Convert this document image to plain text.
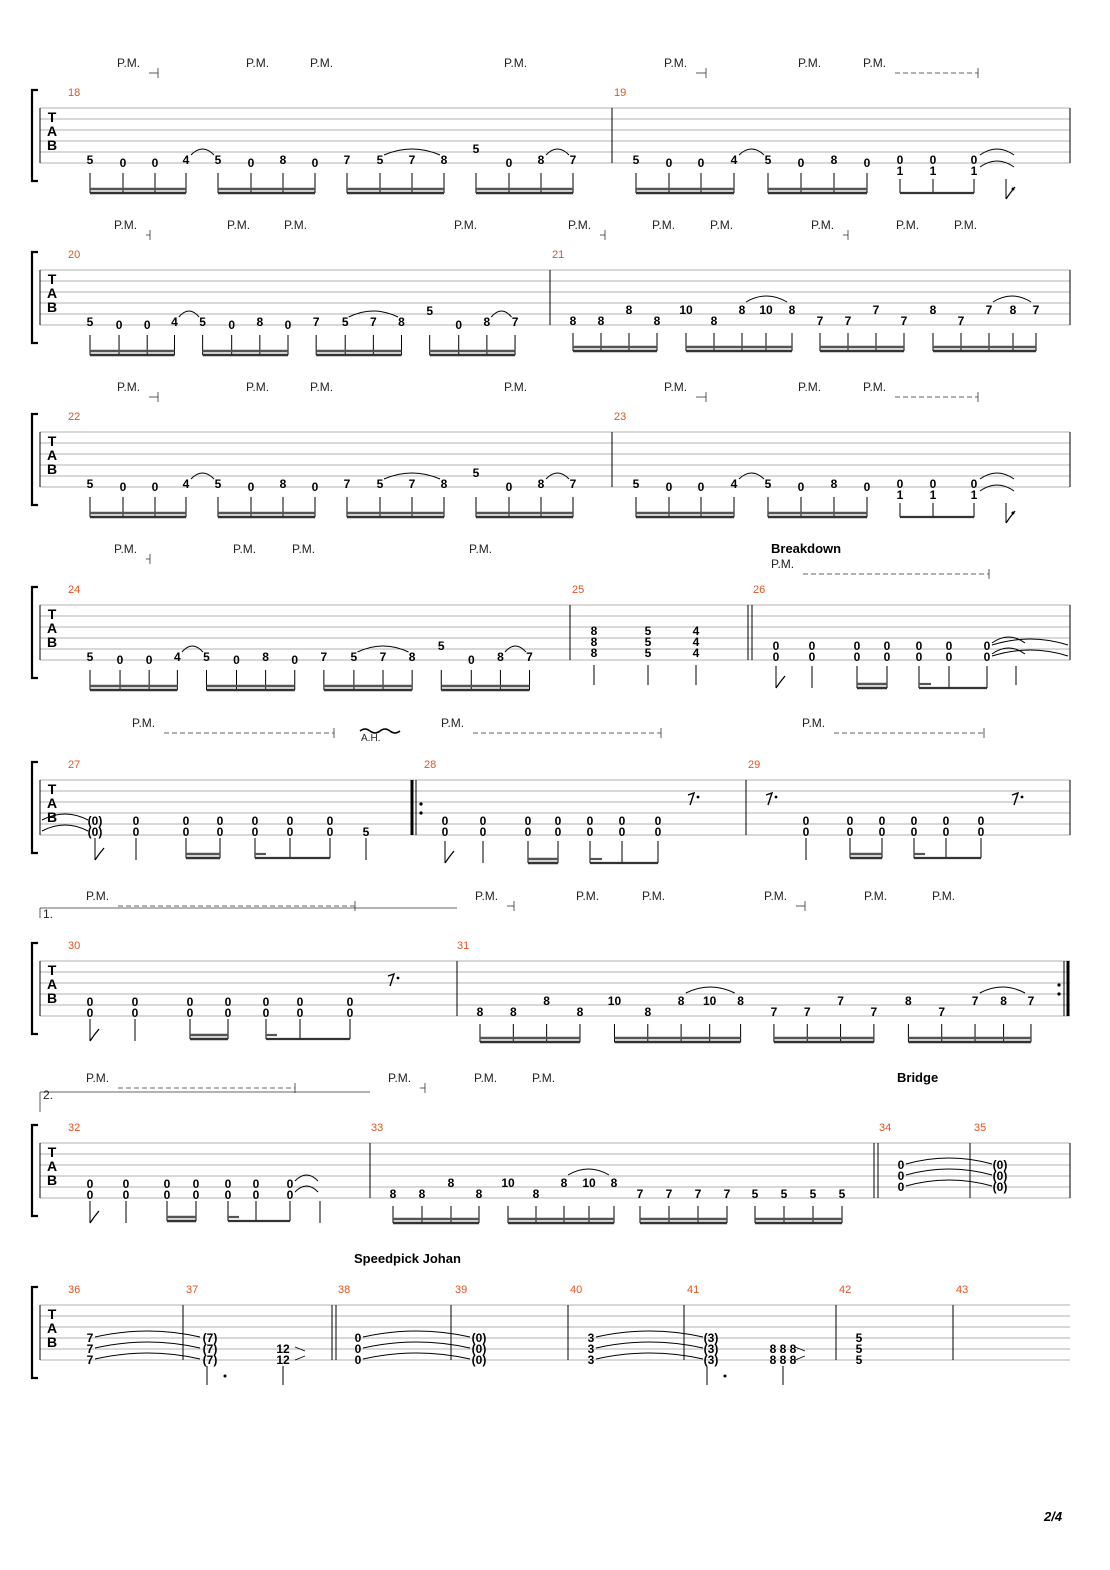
T
A
B
18	19
P.M.	P.M.	P.M.	P.M.	P.M.	P.M.	P.M.
5 0 0 4 5 0 8 0 7 5 7 8
5
0 8 7	5 0 0 4 5 0 8 0 0
1
0
1
0
1
T
A
B
20	21
P.M.	P.M.	P.M.	P.M.	P.M.	P.M.	P.M.	P.M.	P.M.	P.M.
5 0 0 4 5 0 8 0 7 5 7 8
5
0 8 7	8 8
8
8
10
8
8 10 8
7 7
7
7
8
7
7 8 7
T
A
B
22	23
P.M.	P.M.	P.M.	P.M.	P.M.	P.M.	P.M.
5 0 0 4 5 0 8 0 7 5 7 8
5
0 8 7	5 0 0 4 5 0 8 0 0
1
0
1
0
1
T
A
B
24	25	26
P.M.	P.M.	P.M.	P.M.	Breakdown
P.M.
5 0 0 4 5 0 8 0 7 5 7 8
5
0 8 7
8
8
8
5
5
5
4
4
4	0
0
0
0
0
0
0
0
0
0
0
0
0
0
T
A
B
27	28	29
P.M.
A.H.
P.M.	P.M.
(0)
(0)
0
0
0
0
0
0
0
0
0
0
0
0 5
0
0
0
0
0
0
0
0
0
0
0
0
0
0
0
0
0
0
0
0
0
0
0
0
0
0
T
A
B
1.
30	31
P.M.	P.M.	P.M.	P.M.	P.M.	P.M.	P.M.
0
0
0
0
0
0
0
0
0
0
0
0
0
0	8 8
8
8
10
8
8 10 8
7 7
7
7
8
7
7 8 7
T
A
B
2.
32	33	34	35
P.M.	P.M.	P.M.	P.M.	Bridge
0
0
0
0
0
0
0
0
0
0
0
0
0
0	8 8
8
8
10
8
8 10 8
7 7 7 7 5 5 5 5
0
0
0
(0)
(0)
(0)
T
A
B
Speedpick Johan
36	37	38	39	40	41	42	43
7
7
7
(7)
(7)
(7)
12
12
0
0
0
(0)
(0)
(0)
3
3
3
(3)
(3)
(3)
8 8 8
8 8 8
5
5
5
2/4
